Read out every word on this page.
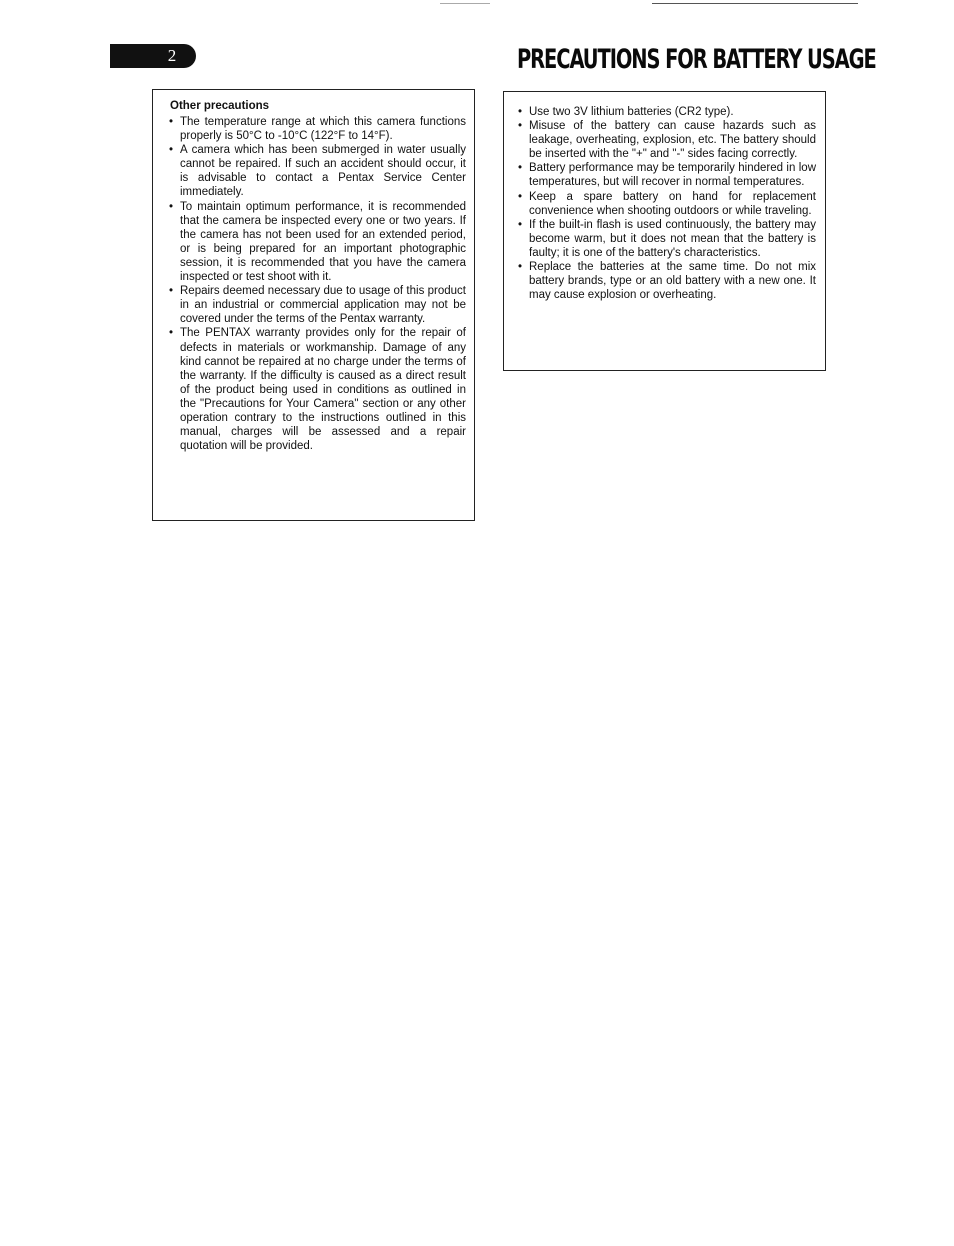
2	PRECAUTIONS FOR BATTERY USAGE
Other precautions
• The temperature range at which this camera functions properly is 50°C to -10°C (122°F to 14°F).
• A camera which has been submerged in water usually cannot be repaired. If such an accident should occur, it is advisable to contact a Pentax Service Center immediately.
• To maintain optimum performance, it is recommended that the camera be inspected every one or two years. If the camera has not been used for an extended period, or is being prepared for an important photographic session, it is recommended that you have the camera inspected or test shoot with it.
• Repairs deemed necessary due to usage of this product in an industrial or commercial application may not be covered under the terms of the Pentax warranty.
• The PENTAX warranty provides only for the repair of defects in materials or workmanship. Damage of any kind cannot be repaired at no charge under the terms of the warranty. If the difficulty is caused as a direct result of the product being used in conditions as outlined in the "Precautions for Your Camera" section or any other operation contrary to the instructions outlined in this manual, charges will be assessed and a repair quotation will be provided.
• Use two 3V lithium batteries (CR2 type).
• Misuse of the battery can cause hazards such as leakage, overheating, explosion, etc. The battery should be inserted with the "+" and "-" sides facing correctly.
• Battery performance may be temporarily hindered in low temperatures, but will recover in normal temperatures.
• Keep a spare battery on hand for replacement convenience when shooting outdoors or while traveling.
• If the built-in flash is used continuously, the battery may become warm, but it does not mean that the battery is faulty; it is one of the battery's characteristics.
• Replace the batteries at the same time. Do not mix battery brands, type or an old battery with a new one. It may cause explosion or overheating.
